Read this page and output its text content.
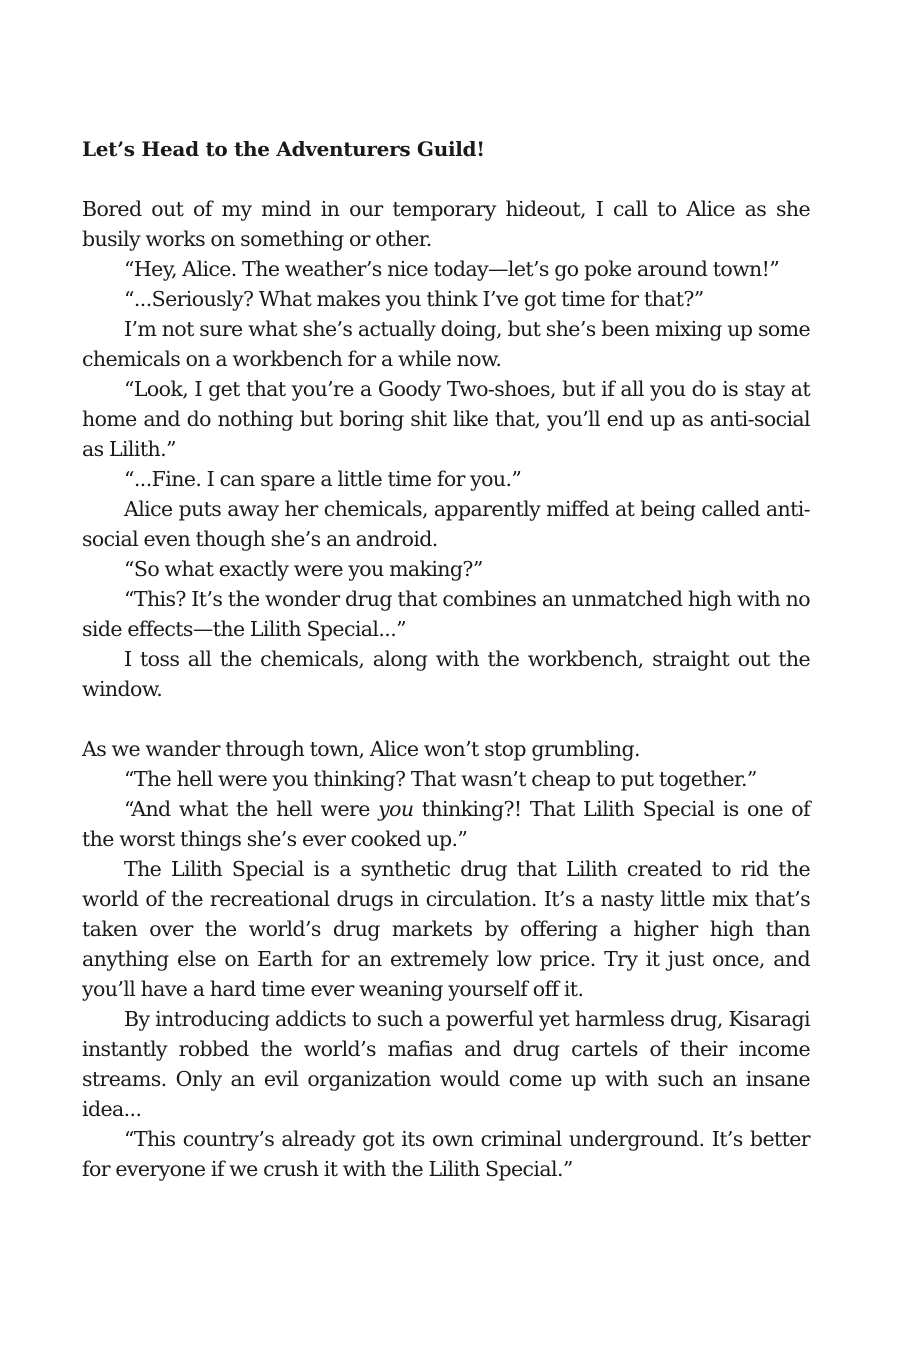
Let’s Head to the Adventurers Guild!

Bored out of my mind in our temporary hideout, I call to Alice as she busily works on something or other.

“Hey, Alice. The weather’s nice today—let’s go poke around town!”

“...Seriously? What makes you think I’ve got time for that?”

I’m not sure what she’s actually doing, but she’s been mixing up some chemicals on a workbench for a while now.

“Look, I get that you’re a Goody Two-shoes, but if all you do is stay at home and do nothing but boring shit like that, you’ll end up as anti-social as Lilith.”

“...Fine. I can spare a little time for you.”

Alice puts away her chemicals, apparently miffed at being called anti-social even though she’s an android.

“So what exactly were you making?”

“This? It’s the wonder drug that combines an unmatched high with no side effects—the Lilith Special...”

I toss all the chemicals, along with the workbench, straight out the window.

As we wander through town, Alice won’t stop grumbling.

“The hell were you thinking? That wasn’t cheap to put together.”

“And what the hell were you thinking?! That Lilith Special is one of the worst things she’s ever cooked up.”

The Lilith Special is a synthetic drug that Lilith created to rid the world of the recreational drugs in circulation. It’s a nasty little mix that’s taken over the world’s drug markets by offering a higher high than anything else on Earth for an extremely low price. Try it just once, and you’ll have a hard time ever weaning yourself off it.

By introducing addicts to such a powerful yet harmless drug, Kisaragi instantly robbed the world’s mafias and drug cartels of their income streams. Only an evil organization would come up with such an insane idea...

“This country’s already got its own criminal underground. It’s better for everyone if we crush it with the Lilith Special.”
